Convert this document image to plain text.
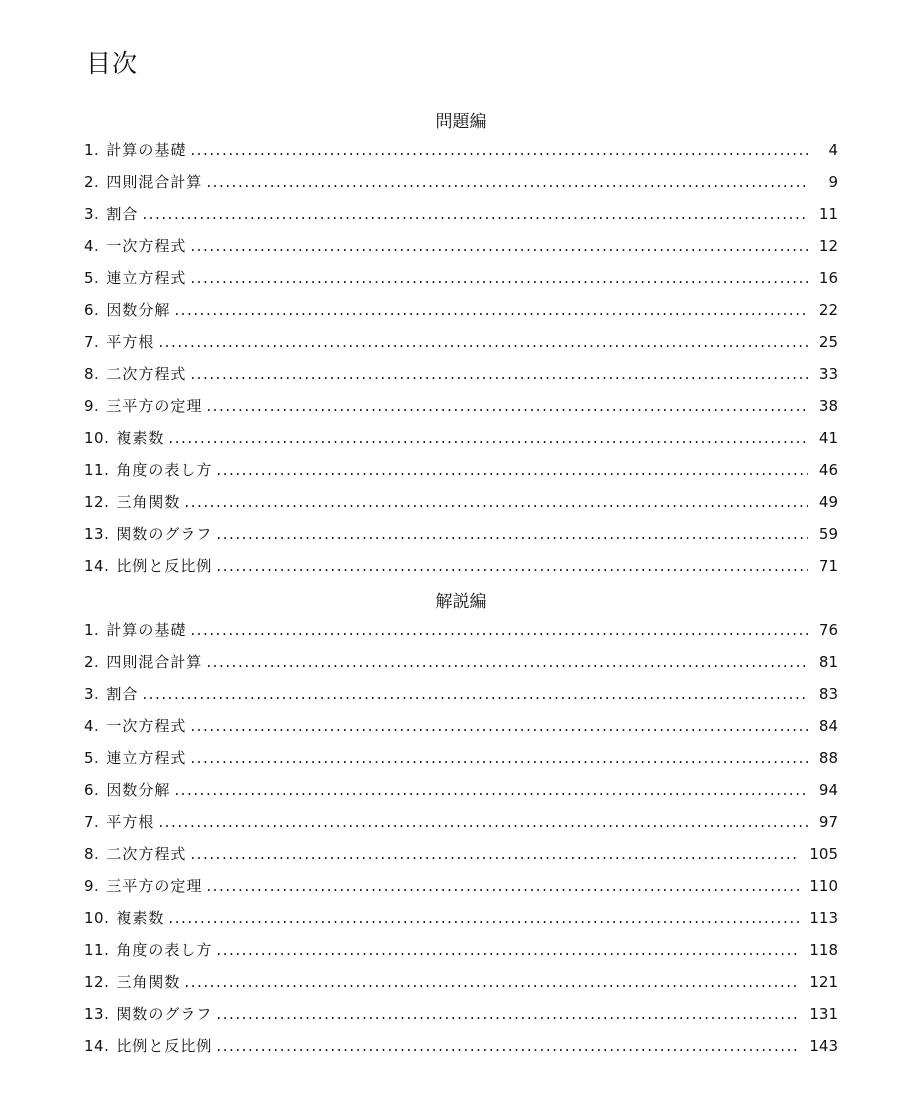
目次
問題編
1. 計算の基礎 . . .	4
2. 四則混合計算 . . .	9
3. 割合 . . .	11
4. 一次方程式 . . .	12
5. 連立方程式 . . .	16
6. 因数分解 . . .	22
7. 平方根 . . .	25
8. 二次方程式 . . .	33
9. 三平方の定理 . . .	38
10. 複素数 . . .	41
11. 角度の表し方 . . .	46
12. 三角関数 . . .	49
13. 関数のグラフ . . .	59
14. 比例と反比例 . . .	71
解説編
1. 計算の基礎 . . .	76
2. 四則混合計算 . . .	81
3. 割合 . . .	83
4. 一次方程式 . . .	84
5. 連立方程式 . . .	88
6. 因数分解 . . .	94
7. 平方根 . . .	97
8. 二次方程式 . . .	105
9. 三平方の定理 . . .	110
10. 複素数 . . .	113
11. 角度の表し方 . . .	118
12. 三角関数 . . .	121
13. 関数のグラフ . . .	131
14. 比例と反比例 . . .	143
